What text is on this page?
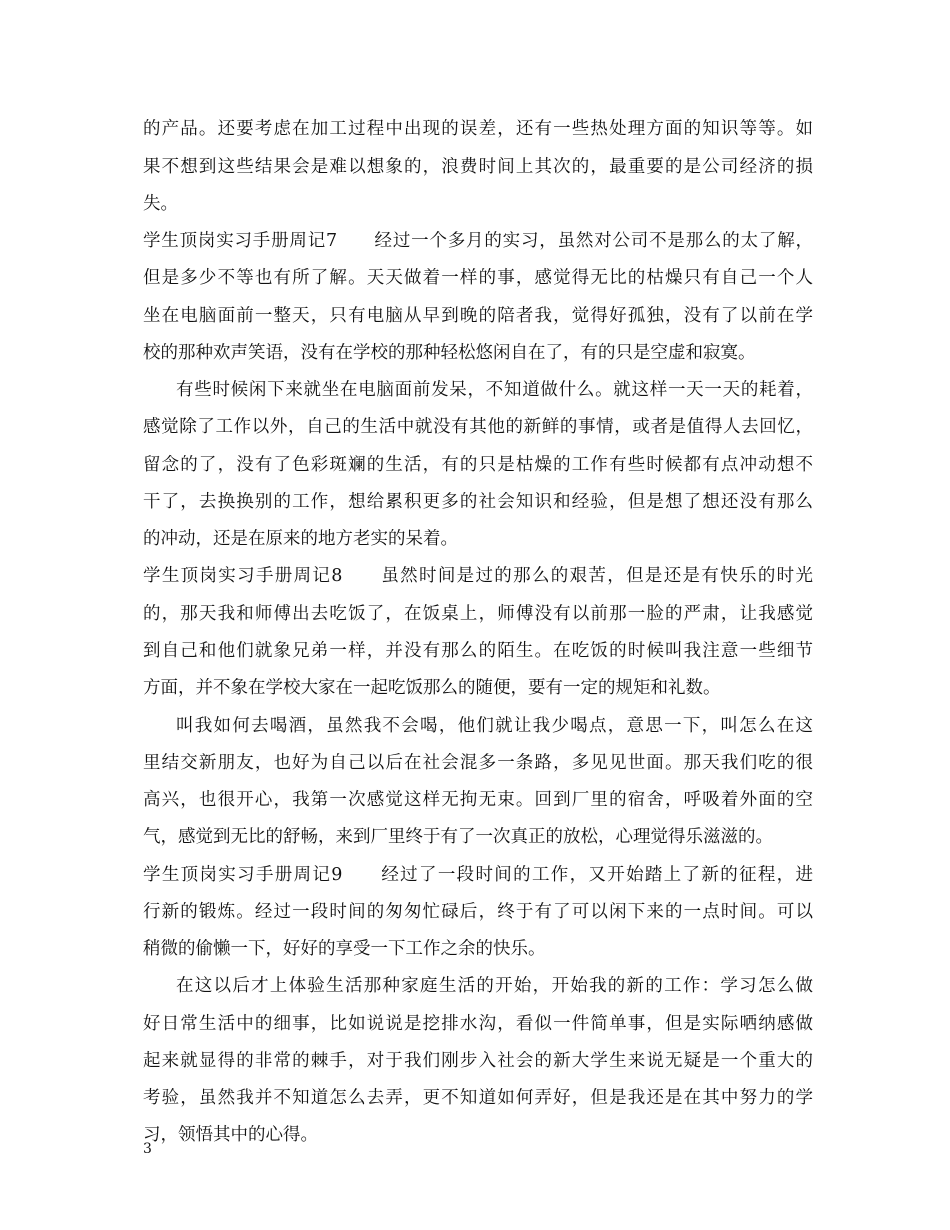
的产品。还要考虑在加工过程中出现的误差，还有一些热处理方面的知识等等。如
果不想到这些结果会是难以想象的，浪费时间上其次的，最重要的是公司经济的损
失。
学生顶岗实习手册周记7　　经过一个多月的实习，虽然对公司不是那么的太了解，
但是多少不等也有所了解。天天做着一样的事，感觉得无比的枯燥只有自己一个人
坐在电脑面前一整天，只有电脑从早到晚的陪者我，觉得好孤独，没有了以前在学
校的那种欢声笑语，没有在学校的那种轻松悠闲自在了，有的只是空虚和寂寞。
有些时候闲下来就坐在电脑面前发呆，不知道做什么。就这样一天一天的耗着，
感觉除了工作以外，自己的生活中就没有其他的新鲜的事情，或者是值得人去回忆，
留念的了，没有了色彩斑斓的生活，有的只是枯燥的工作有些时候都有点冲动想不
干了，去换换别的工作，想给累积更多的社会知识和经验，但是想了想还没有那么
的冲动，还是在原来的地方老实的呆着。
学生顶岗实习手册周记8　　虽然时间是过的那么的艰苦，但是还是有快乐的时光
的，那天我和师傅出去吃饭了，在饭桌上，师傅没有以前那一脸的严肃，让我感觉
到自己和他们就象兄弟一样，并没有那么的陌生。在吃饭的时候叫我注意一些细节
方面，并不象在学校大家在一起吃饭那么的随便，要有一定的规矩和礼数。
叫我如何去喝酒，虽然我不会喝，他们就让我少喝点，意思一下，叫怎么在这
里结交新朋友，也好为自己以后在社会混多一条路，多见见世面。那天我们吃的很
高兴，也很开心，我第一次感觉这样无拘无束。回到厂里的宿舍，呼吸着外面的空
气，感觉到无比的舒畅，来到厂里终于有了一次真正的放松，心理觉得乐滋滋的。
学生顶岗实习手册周记9　　经过了一段时间的工作，又开始踏上了新的征程，进
行新的锻炼。经过一段时间的匆匆忙碌后，终于有了可以闲下来的一点时间。可以
稍微的偷懒一下，好好的享受一下工作之余的快乐。
在这以后才上体验生活那种家庭生活的开始，开始我的新的工作：学习怎么做
好日常生活中的细事，比如说说是挖排水沟，看似一件简单事，但是实际哂纳感做
起来就显得的非常的棘手，对于我们刚步入社会的新大学生来说无疑是一个重大的
考验，虽然我并不知道怎么去弄，更不知道如何弄好，但是我还是在其中努力的学
习，领悟其中的心得。
3
